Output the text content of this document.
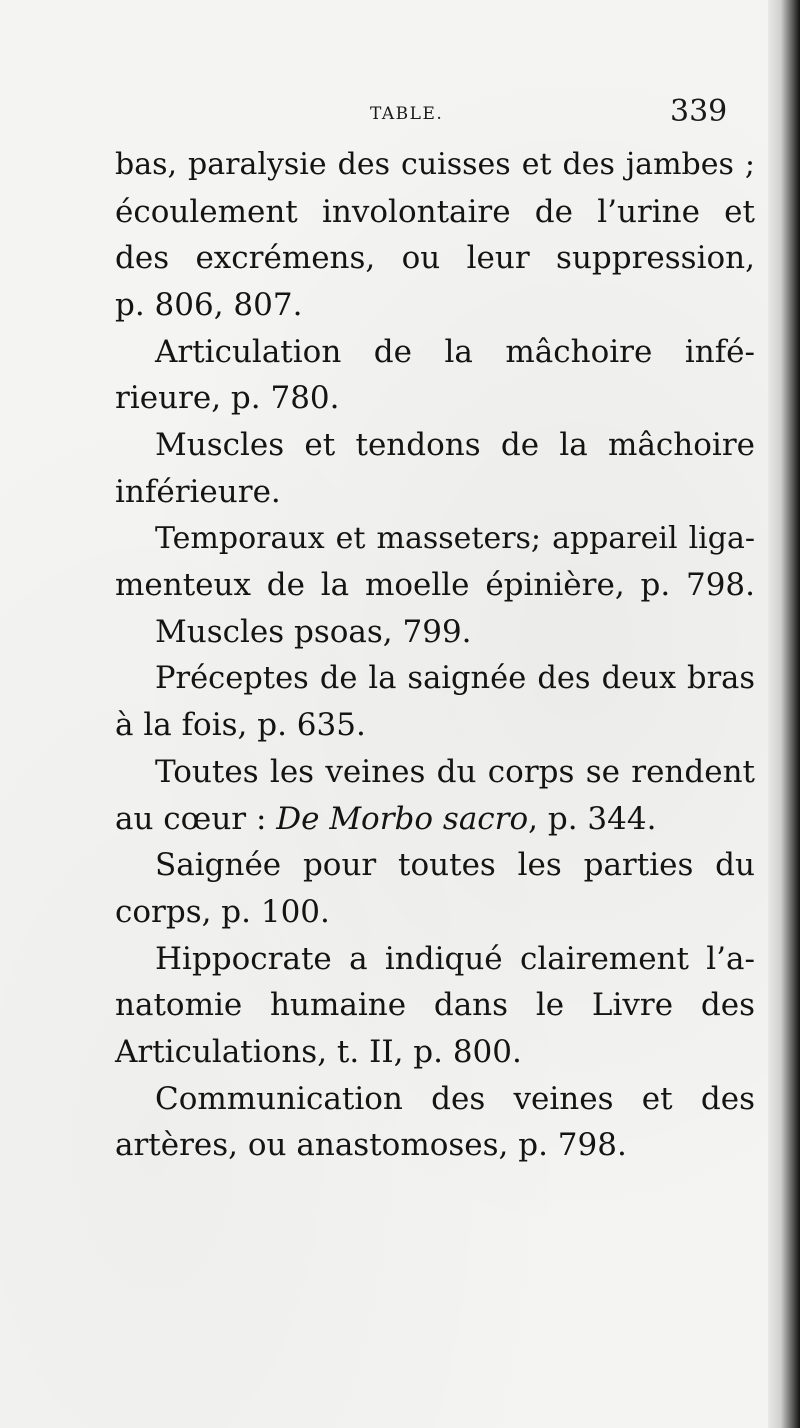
TABLE.	339
bas, paralysie des cuisses et des jambes ;
écoulement involontaire de l’urine et
des excrémens, ou leur suppression,
p. 806, 807.
Articulation de la mâchoire infé-
rieure, p. 780.
Muscles et tendons de la mâchoire
inférieure.
Temporaux et masseters; appareil liga-
menteux de la moelle épinière, p. 798.
Muscles psoas, 799.
Préceptes de la saignée des deux bras
à la fois, p. 635.
Toutes les veines du corps se rendent
au cœur : De Morbo sacro, p. 344.
Saignée pour toutes les parties du
corps, p. 100.
Hippocrate a indiqué clairement l’a-
natomie humaine dans le Livre des
Articulations, t. II, p. 800.
Communication des veines et des
artères, ou anastomoses, p. 798.
